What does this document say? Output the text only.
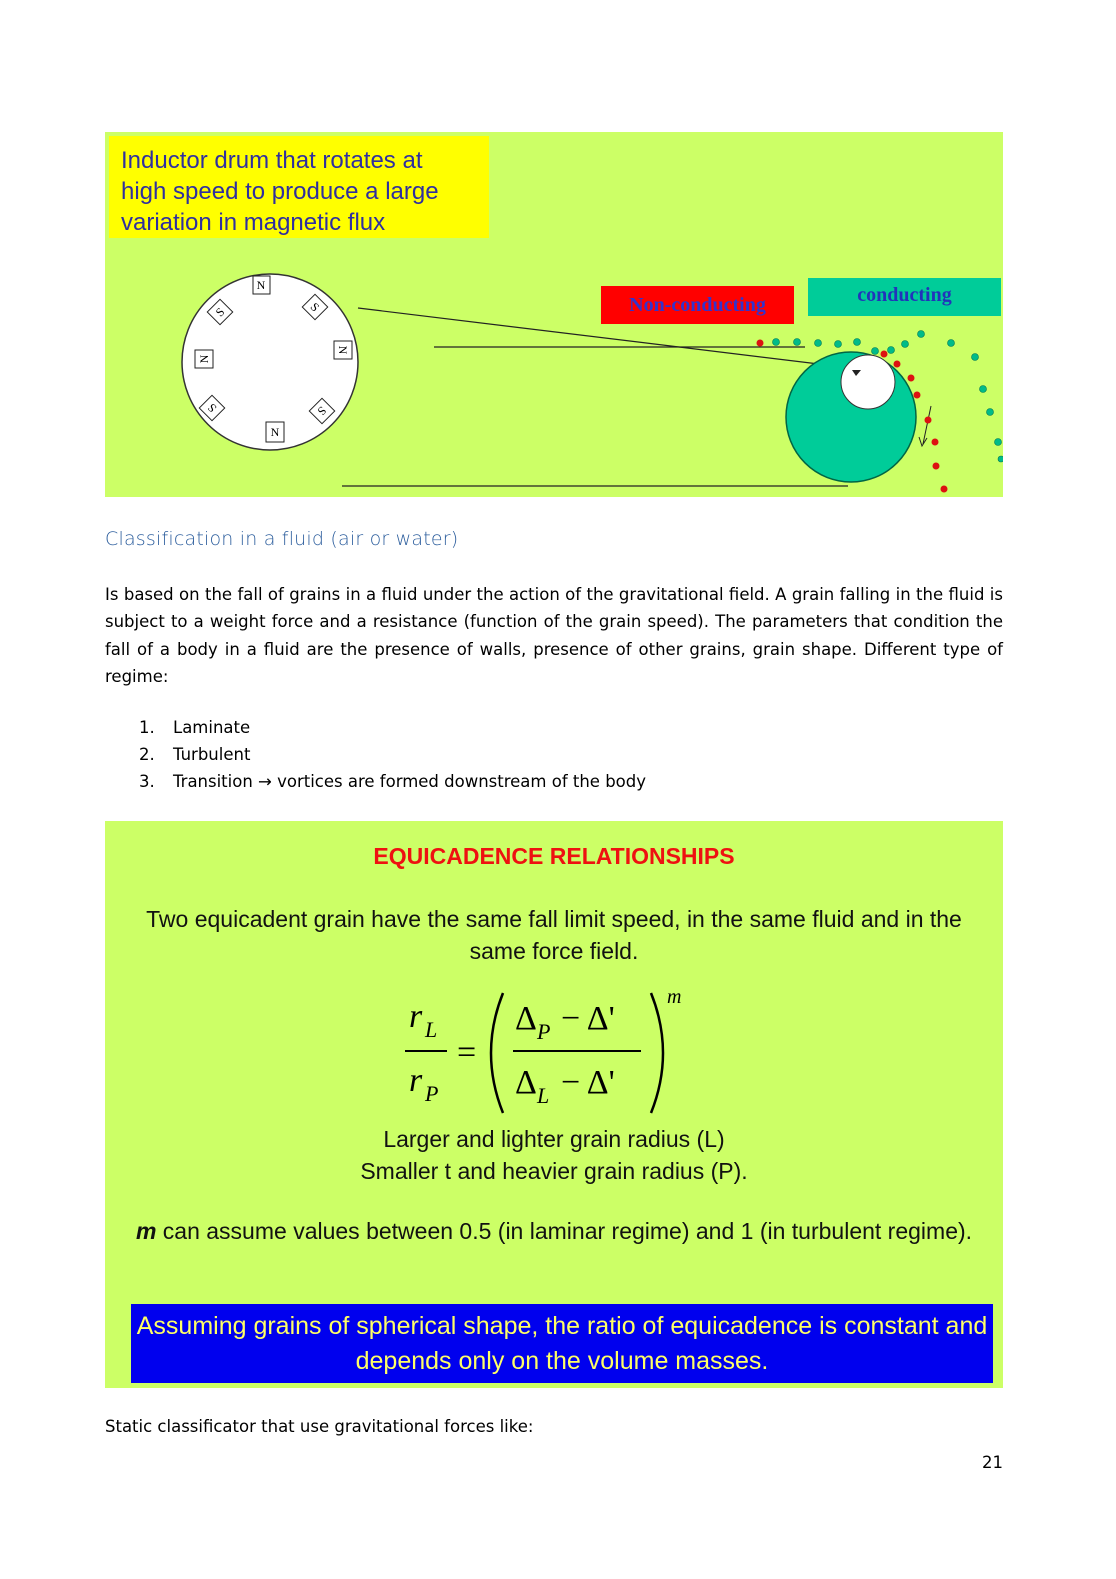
Inductor drum that rotates at
high speed to produce a large
variation in magnetic flux
N
S
N
S
N
S
N
S	Non-conducting	conducting
Classification in a fluid (air or water)
Is based on the fall of grains in a fluid under the action of the gravitational field. A grain falling in the fluid is subject to a weight force and a resistance (function of the grain speed). The parameters that condition the fall of a body in a fluid are the presence of walls, presence of other grains, grain shape. Different type of regime:
1. Laminate
2. Turbulent
3. Transition → vortices are formed downstream of the body
EQUICADENCE RELATIONSHIPS
Two equicadent grain have the same fall limit speed, in the same fluid and in the same force field.
r L
r P
=
Δ P − Δ'
Δ L − Δ'
m
Larger and lighter grain radius (L)
Smaller t and heavier grain radius (P).
m can assume values between 0.5 (in laminar regime) and 1 (in turbulent regime).
Assuming grains of spherical shape, the ratio of equicadence is constant and depends only on the volume masses.
Static classificator that use gravitational forces like:
21
